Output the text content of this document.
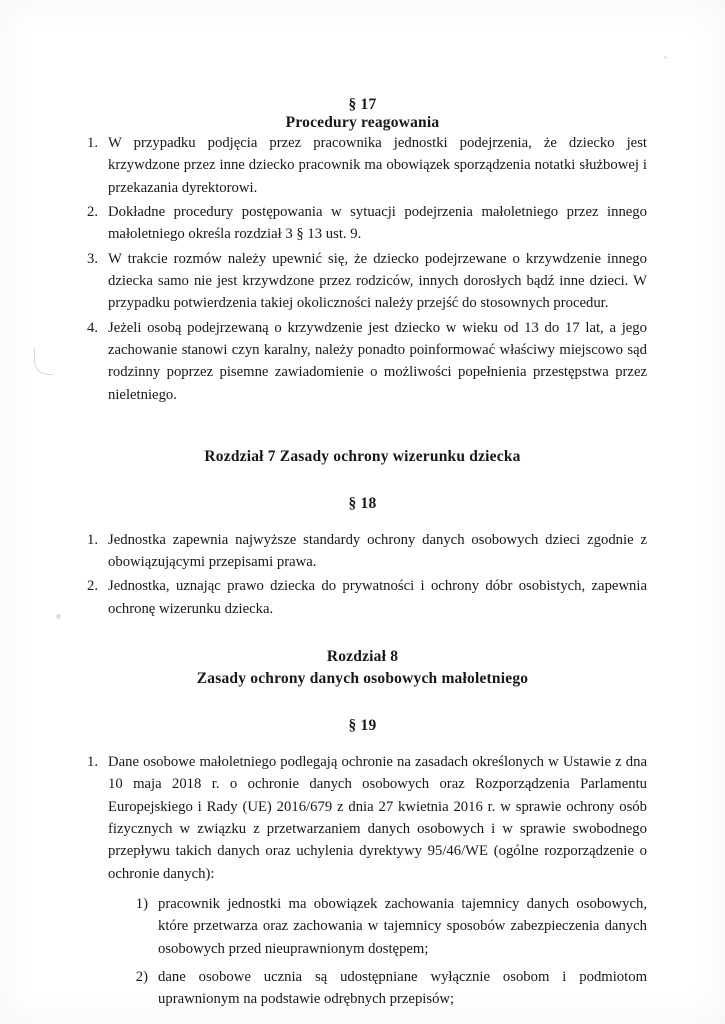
§ 17
Procedury reagowania
1. W przypadku podjęcia przez pracownika jednostki podejrzenia, że dziecko jest krzywdzone przez inne dziecko pracownik ma obowiązek sporządzenia notatki służbowej i przekazania dyrektorowi.
2. Dokładne procedury postępowania w sytuacji podejrzenia małoletniego przez innego małoletniego określa rozdział 3 § 13 ust. 9.
3. W trakcie rozmów należy upewnić się, że dziecko podejrzewane o krzywdzenie innego dziecka samo nie jest krzywdzone przez rodziców, innych dorosłych bądź inne dzieci. W przypadku potwierdzenia takiej okoliczności należy przejść do stosownych procedur.
4. Jeżeli osobą podejrzewaną o krzywdzenie jest dziecko w wieku od 13 do 17 lat, a jego zachowanie stanowi czyn karalny, należy ponadto poinformować właściwy miejscowo sąd rodzinny poprzez pisemne zawiadomienie o możliwości popełnienia przestępstwa przez nieletniego.
Rozdział 7 Zasady ochrony wizerunku dziecka
§ 18
1. Jednostka zapewnia najwyższe standardy ochrony danych osobowych dzieci zgodnie z obowiązującymi przepisami prawa.
2. Jednostka, uznając prawo dziecka do prywatności i ochrony dóbr osobistych, zapewnia ochronę wizerunku dziecka.
Rozdział 8
Zasady ochrony danych osobowych małoletniego
§ 19
1. Dane osobowe małoletniego podlegają ochronie na zasadach określonych w Ustawie z dna 10 maja 2018 r. o ochronie danych osobowych oraz Rozporządzenia Parlamentu Europejskiego i Rady (UE) 2016/679 z dnia 27 kwietnia 2016 r. w sprawie ochrony osób fizycznych w związku z przetwarzaniem danych osobowych i w sprawie swobodnego przepływu takich danych oraz uchylenia dyrektywy 95/46/WE (ogólne rozporządzenie o ochronie danych):
1) pracownik jednostki ma obowiązek zachowania tajemnicy danych osobowych, które przetwarza oraz zachowania w tajemnicy sposobów zabezpieczenia danych osobowych przed nieuprawnionym dostępem;
2) dane osobowe ucznia są udostępniane wyłącznie osobom i podmiotom uprawnionym na podstawie odrębnych przepisów;
